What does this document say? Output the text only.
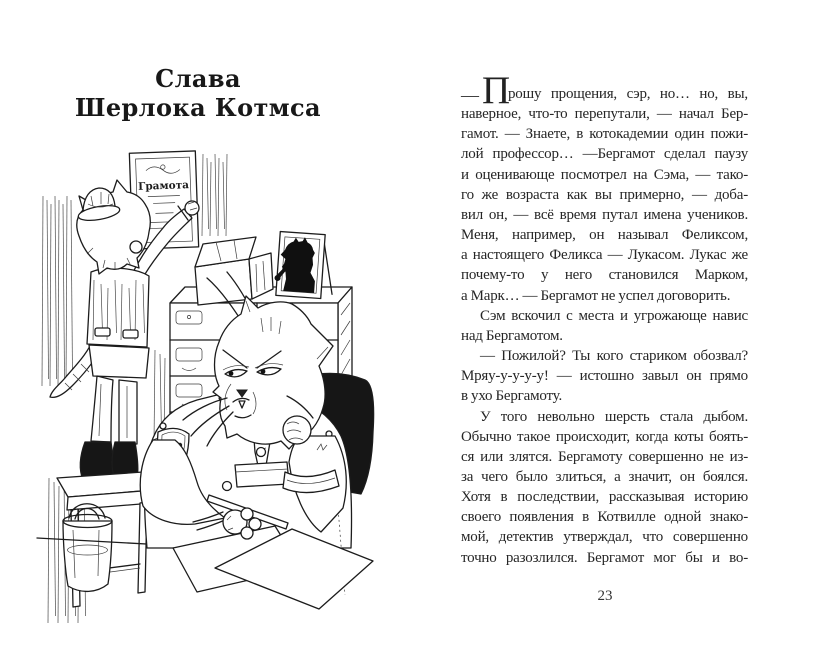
Слава
Шерлока Котмса
Грамота
— П
рошу прощения, сэр, но… но, вы,
наверное, что-то перепутали, — начал Бер-
гамот. — Знаете, в котокадемии один пожи-
лой профессор… —Бергамот сделал паузу
и оценивающе посмотрел на Сэма, — тако-
го же возраста как вы примерно, — доба-
вил он, — всё время путал имена учеников.
Меня, например, он называл Феликсом,
а настоящего Феликса — Лукасом. Лукас же
почему-то у него становился Марком,
а Марк… — Бергамот не успел договорить.
Сэм вскочил с места и угрожающе навис
над Бергамотом.
— Пожилой? Ты кого стариком обозвал?
Мряу-у-у-у-у! — истошно завыл он прямо
в ухо Бергамоту.
У того невольно шерсть стала дыбом.
Обычно такое происходит, когда коты боять-
ся или злятся. Бергамоту совершенно не из-
за чего было злиться, а значит, он боялся.
Хотя в последствии, рассказывая историю
своего появления в Котвилле одной знако-
мой, детектив утверждал, что совершенно
точно разозлился. Бергамот мог бы и во-
23
